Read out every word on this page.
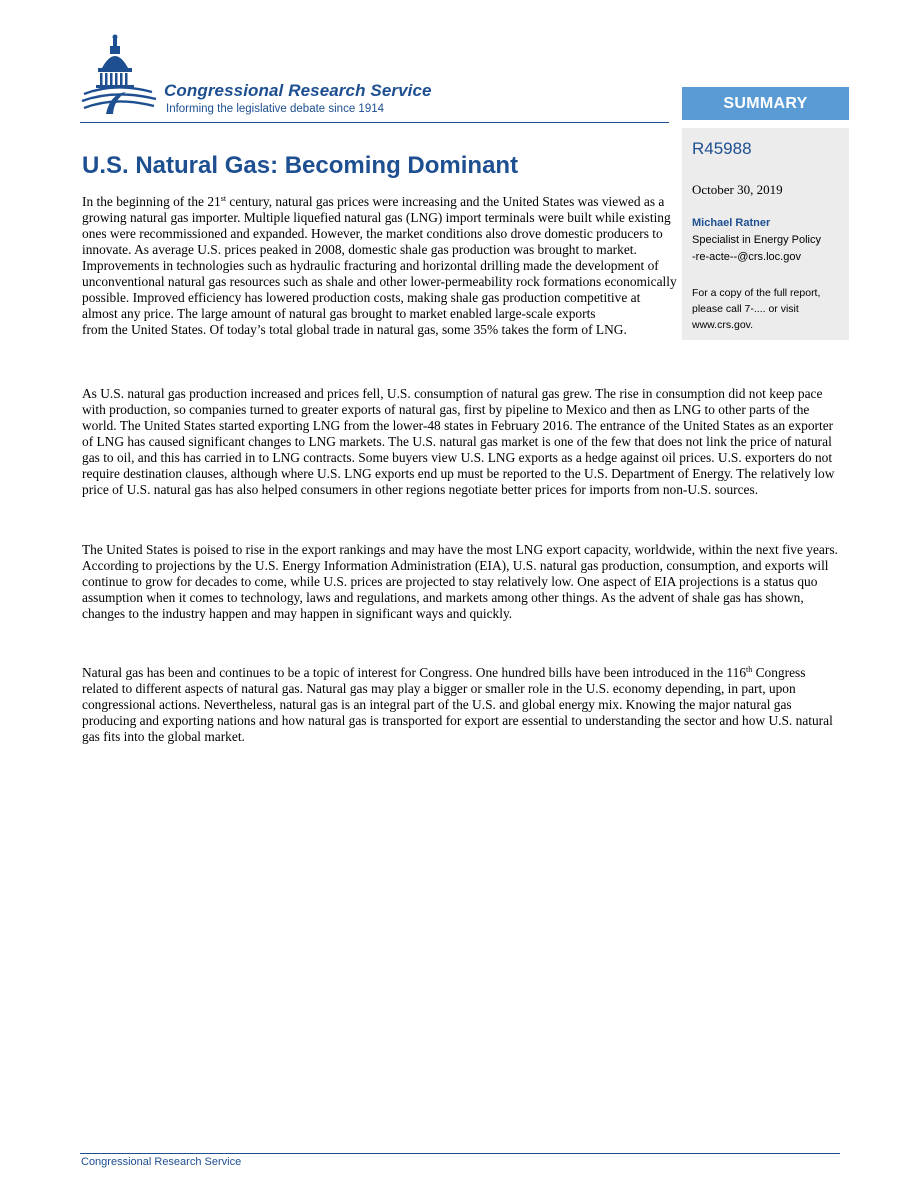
Congressional Research Service
Informing the legislative debate since 1914	SUMMARY
R45988
October 30, 2019
Michael Ratner
Specialist in Energy Policy
-re-acte--@crs.loc.gov
For a copy of the full report, please call 7-.... or visit www.crs.gov.
U.S. Natural Gas: Becoming Dominant

In the beginning of the 21st century, natural gas prices were increasing and the United States was viewed as a growing natural gas importer. Multiple liquefied natural gas (LNG) import terminals were built while existing ones were recommissioned and expanded. However, the market conditions also drove domestic producers to innovate. As average U.S. prices peaked in 2008, domestic shale gas production was brought to market. Improvements in technologies such as hydraulic fracturing and horizontal drilling made the development of unconventional natural gas resources such as shale and other lower-permeability rock formations economically possible. Improved efficiency has lowered production costs, making shale gas production competitive at almost any price. The large amount of natural gas brought to market enabled large-scale exports
from the United States. Of today’s total global trade in natural gas, some 35% takes the form of LNG.

As U.S. natural gas production increased and prices fell, U.S. consumption of natural gas grew. The rise in consumption did not keep pace with production, so companies turned to greater exports of natural gas, first by pipeline to Mexico and then as LNG to other parts of the world. The United States started exporting LNG from the lower-48 states in February 2016. The entrance of the United States as an exporter of LNG has caused significant changes to LNG markets. The U.S. natural gas market is one of the few that does not link the price of natural gas to oil, and this has carried in to LNG contracts. Some buyers view U.S. LNG exports as a hedge against oil prices. U.S. exporters do not require destination clauses, although where U.S. LNG exports end up must be reported to the U.S. Department of Energy. The relatively low price of U.S. natural gas has also helped consumers in other regions negotiate better prices for imports from non-U.S. sources.

The United States is poised to rise in the export rankings and may have the most LNG export capacity, worldwide, within the next five years. According to projections by the U.S. Energy Information Administration (EIA), U.S. natural gas production, consumption, and exports will continue to grow for decades to come, while U.S. prices are projected to stay relatively low. One aspect of EIA projections is a status quo assumption when it comes to technology, laws and regulations, and markets among other things. As the advent of shale gas has shown, changes to the industry happen and may happen in significant ways and quickly.

Natural gas has been and continues to be a topic of interest for Congress. One hundred bills have been introduced in the 116th Congress related to different aspects of natural gas. Natural gas may play a bigger or smaller role in the U.S. economy depending, in part, upon congressional actions. Nevertheless, natural gas is an integral part of the U.S. and global energy mix. Knowing the major natural gas producing and exporting nations and how natural gas is transported for export are essential to understanding the sector and how U.S. natural gas fits into the global market.

Congressional Research Service
